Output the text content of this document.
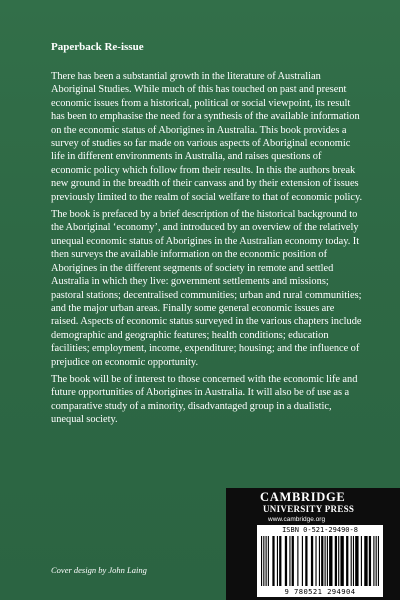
Paperback Re-issue

There has been a substantial growth in the literature of Australian Aboriginal Studies. While much of this has touched on past and present economic issues from a historical, political or social viewpoint, its result has been to emphasise the need for a synthesis of the available information on the economic status of Aborigines in Australia. This book provides a survey of studies so far made on various aspects of Aboriginal economic life in different environments in Australia, and raises questions of economic policy which follow from their results. In this the authors break new ground in the breadth of their canvass and by their extension of issues previously limited to the realm of social welfare to that of economic policy.

The book is prefaced by a brief description of the historical background to the Aboriginal ‘economy’, and introduced by an overview of the relatively unequal economic status of Aborigines in the Australian economy today. It then surveys the available information on the economic position of Aborigines in the different segments of society in remote and settled Australia in which they live: government settlements and missions; pastoral stations; decentralised communities; urban and rural communities; and the major urban areas. Finally some general economic issues are raised. Aspects of economic status surveyed in the various chapters include demographic and geographic features; health conditions; education facilities; employment, income, expenditure; housing; and the influence of prejudice on economic opportunity.

The book will be of interest to those concerned with the economic life and future opportunities of Aborigines in Australia. It will also be of use as a comparative study of a minority, disadvantaged group in a dualistic, unequal society.

Cover design by John Laing
CAMBRIDGE
UNIVERSITY PRESS
www.cambridge.org
ISBN 0-521-29490-8
9 780521 294904
